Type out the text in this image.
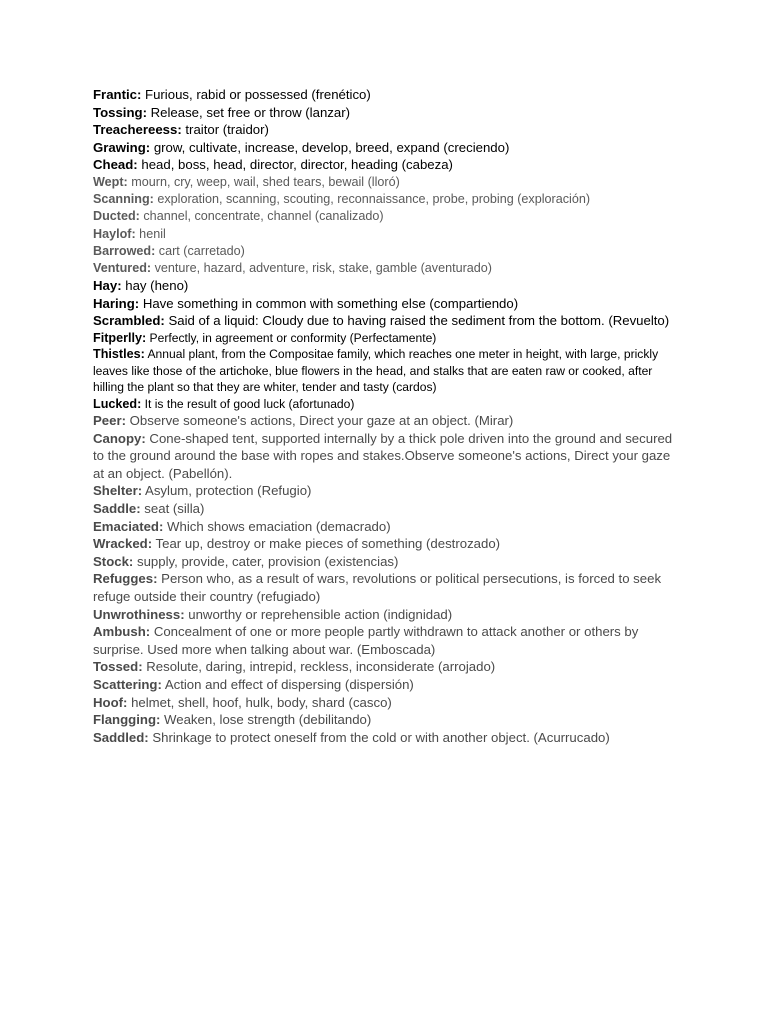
Frantic: Furious, rabid or possessed (frenético)

Tossing: Release, set free or throw (lanzar)

Treachereess: traitor (traidor)

Grawing: grow, cultivate, increase, develop, breed, expand (creciendo)

Chead: head, boss, head, director, director, heading (cabeza)

Wept: mourn, cry, weep, wail, shed tears, bewail (lloró)

Scanning: exploration, scanning, scouting, reconnaissance, probe, probing (exploración)

Ducted: channel, concentrate, channel (canalizado)

Haylof: henil

Barrowed: cart (carretado)

Ventured: venture, hazard, adventure, risk, stake, gamble (aventurado)

Hay: hay (heno)

Haring: Have something in common with something else (compartiendo)

Scrambled: Said of a liquid: Cloudy due to having raised the sediment from the bottom. (Revuelto)

Fitperlly: Perfectly, in agreement or conformity (Perfectamente)

Thistles: Annual plant, from the Compositae family, which reaches one meter in height, with large, prickly leaves like those of the artichoke, blue flowers in the head, and stalks that are eaten raw or cooked, after hilling the plant so that they are whiter, tender and tasty (cardos)

Lucked: It is the result of good luck (afortunado)

Peer: Observe someone's actions, Direct your gaze at an object. (Mirar)

Canopy: Cone-shaped tent, supported internally by a thick pole driven into the ground and secured to the ground around the base with ropes and stakes.Observe someone's actions, Direct your gaze at an object. (Pabellón).

Shelter: Asylum, protection (Refugio)

Saddle: seat (silla)

Emaciated: Which shows emaciation (demacrado)

Wracked: Tear up, destroy or make pieces of something (destrozado)

Stock: supply, provide, cater, provision (existencias)

Refugges: Person who, as a result of wars, revolutions or political persecutions, is forced to seek refuge outside their country (refugiado)

Unwrothiness: unworthy or reprehensible action (indignidad)

Ambush: Concealment of one or more people partly withdrawn to attack another or others by surprise. Used more when talking about war. (Emboscada)

Tossed: Resolute, daring, intrepid, reckless, inconsiderate (arrojado)

Scattering: Action and effect of dispersing (dispersión)

Hoof: helmet, shell, hoof, hulk, body, shard (casco)

Flangging: Weaken, lose strength (debilitando)

Saddled: Shrinkage to protect oneself from the cold or with another object. (Acurrucado)
